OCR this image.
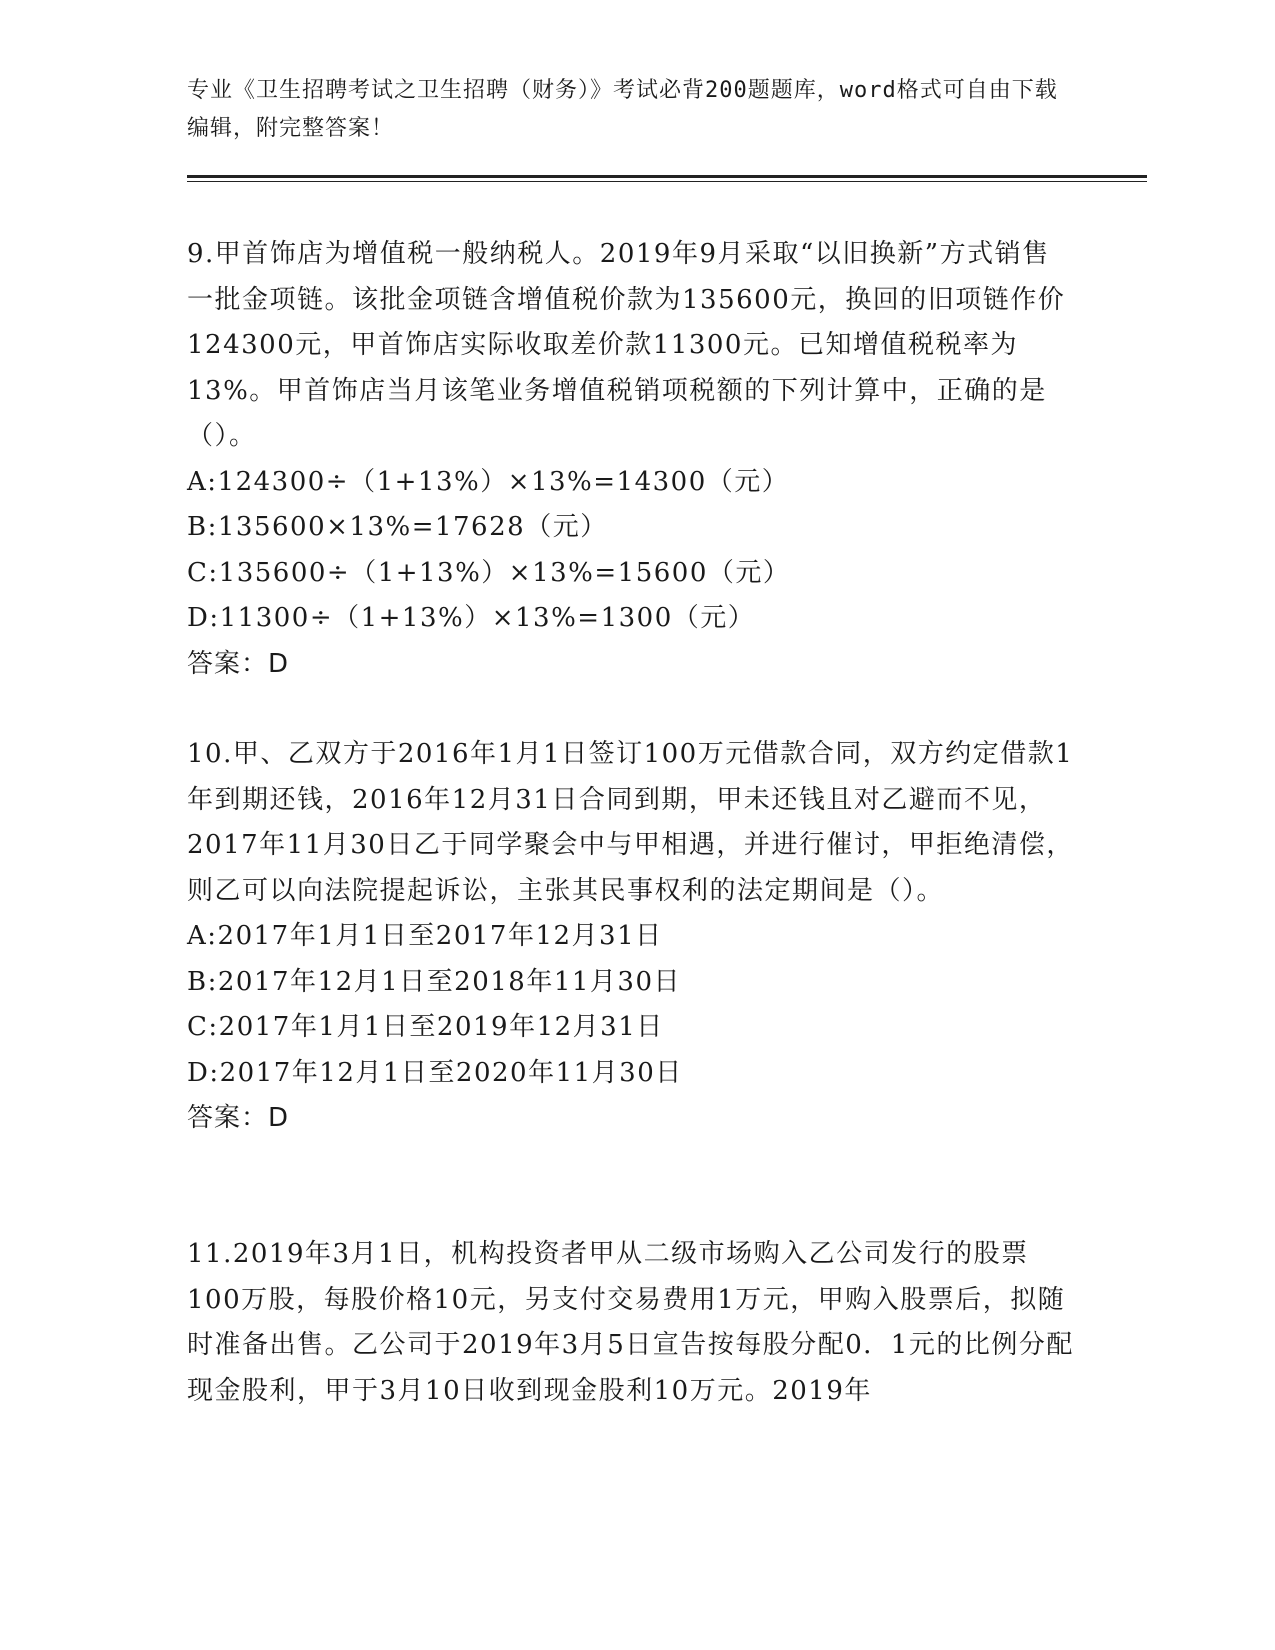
专业《卫生招聘考试之卫生招聘（财务）》考试必背200题题库，word格式可自由下载编辑，附完整答案！

9.甲首饰店为增值税一般纳税人。2019年9月采取“以旧换新”方式销售一批金项链。该批金项链含增值税价款为135600元，换回的旧项链作价124300元，甲首饰店实际收取差价款11300元。已知增值税税率为13%。甲首饰店当月该笔业务增值税销项税额的下列计算中，正确的是（）。

A:124300÷（1+13%）×13%=14300（元）

B:135600×13%=17628（元）

C:135600÷（1+13%）×13%=15600（元）

D:11300÷（1+13%）×13%=1300（元）

答案：D

10.甲、乙双方于2016年1月1日签订100万元借款合同，双方约定借款1年到期还钱，2016年12月31日合同到期，甲未还钱且对乙避而不见，2017年11月30日乙于同学聚会中与甲相遇，并进行催讨，甲拒绝清偿，则乙可以向法院提起诉讼，主张其民事权利的法定期间是（）。

A:2017年1月1日至2017年12月31日

B:2017年12月1日至2018年11月30日

C:2017年1月1日至2019年12月31日

D:2017年12月1日至2020年11月30日

答案：D

11.2019年3月1日，机构投资者甲从二级市场购入乙公司发行的股票100万股，每股价格10元，另支付交易费用1万元，甲购入股票后，拟随时准备出售。乙公司于2019年3月5日宣告按每股分配0．1元的比例分配现金股利，甲于3月10日收到现金股利10万元。2019年
